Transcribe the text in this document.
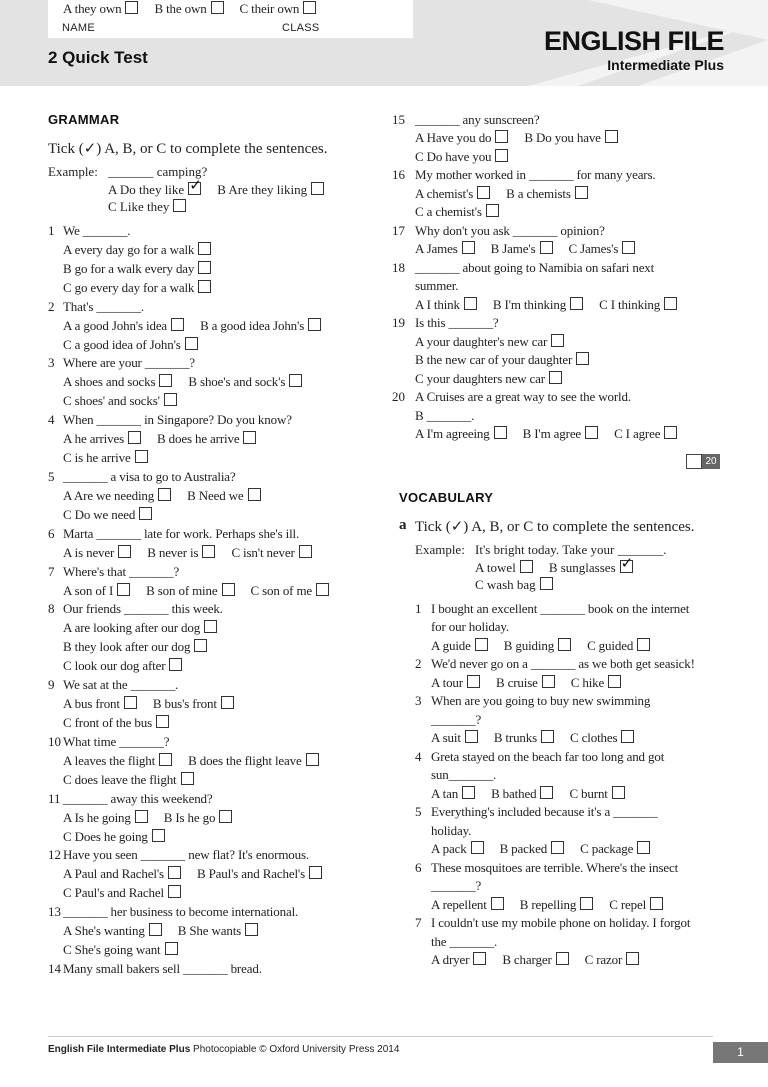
NAME	CLASS
2 Quick Test
ENGLISH FILE
Intermediate Plus
GRAMMAR
Tick (✓) A, B, or C to complete the sentences.
Example: _______ camping?
A Do they like ✓ B Are they liking
C Like they
1 We _______.
A every day go for a walk
B go for a walk every day
C go every day for a walk
2 That's _______.
A a good John's idea	B a good idea John's
C a good idea of John's
3 Where are your _______?
A shoes and socks	B shoe's and sock's
C shoes' and socks'
4 When _______ in Singapore? Do you know?
A he arrives	B does he arrive
C is he arrive
5 _______ a visa to go to Australia?
A Are we needing	B Need we
C Do we need
6 Marta _______ late for work. Perhaps she's ill.
A is never	B never is	C isn't never
7 Where's that _______?
A son of I	B son of mine	C son of me
8 Our friends _______ this week.
A are looking after our dog
B they look after our dog
C look our dog after
9 We sat at the _______.
A bus front	B bus's front
C front of the bus
10 What time _______?
A leaves the flight	B does the flight leave
C does leave the flight
11 _______ away this weekend?
A Is he going	B Is he go
C Does he going
12 Have you seen _______ new flat? It's enormous.
A Paul and Rachel's	B Paul's and Rachel's
C Paul's and Rachel
13 _______ her business to become international.
A She's wanting	B She wants
C She's going want
14 Many small bakers sell _______ bread.
A they own	B the own	C their own
15 _______ any sunscreen?
A Have you do	B Do you have
C Do have you
16 My mother worked in _______ for many years.
A chemist's	B a chemists
C a chemist's
17 Why don't you ask _______ opinion?
A James	B Jame's	C James's
18 _______ about going to Namibia on safari next
summer.
A I think	B I'm thinking	C I thinking
19 Is this _______?
A your daughter's new car
B the new car of your daughter
C your daughters new car
20 A Cruises are a great way to see the world.
B _______.
A I'm agreeing	B I'm agree	C I agree
20
VOCABULARY
a Tick (✓) A, B, or C to complete the sentences.
Example: It's bright today. Take your _______.
A towel	B sunglasses ✓
C wash bag
1 I bought an excellent _______ book on the internet
for our holiday.
A guide	B guiding	C guided
2 We'd never go on a _______ as we both get seasick!
A tour	B cruise	C hike
3 When are you going to buy new swimming
_______?
A suit	B trunks	C clothes
4 Greta stayed on the beach far too long and got
sun_______.
A tan	B bathed	C burnt
5 Everything's included because it's a _______
holiday.
A pack	B packed	C package
6 These mosquitoes are terrible. Where's the insect
_______?
A repellent	B repelling	C repel
7 I couldn't use my mobile phone on holiday. I forgot
the _______.
A dryer	B charger	C razor
English File Intermediate Plus Photocopiable © Oxford University Press 2014	1
